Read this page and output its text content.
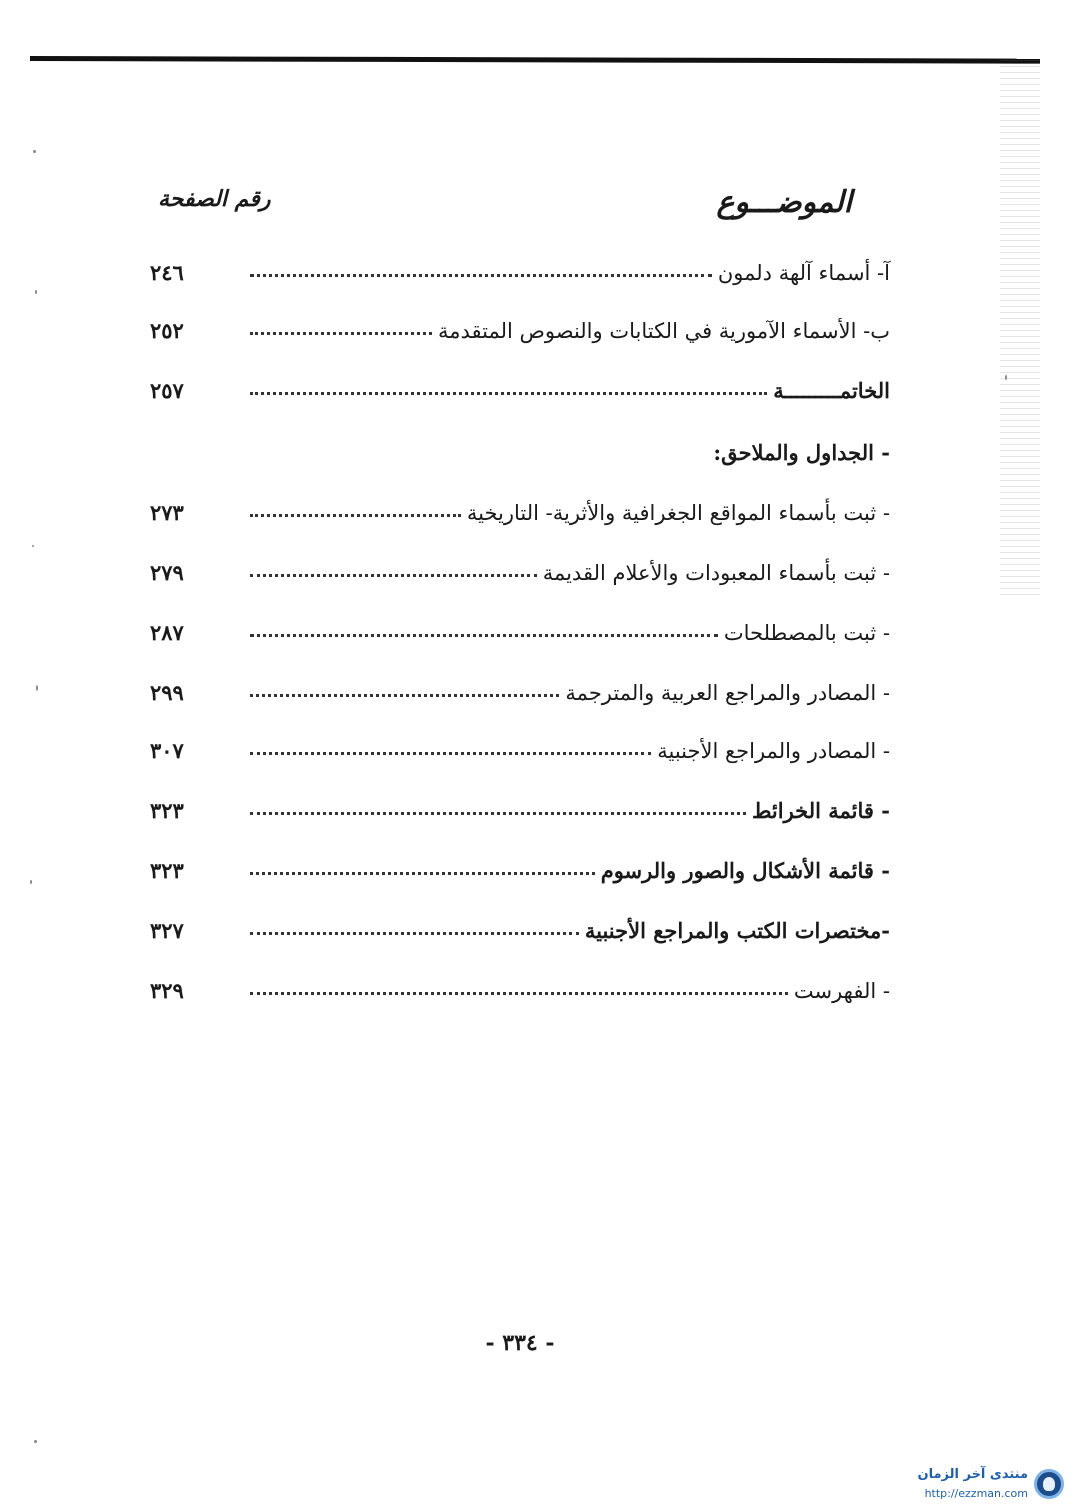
الموضـــوع
رقم الصفحة
آ- أسماء آلهة دلمون
٢٤٦
ب- الأسماء الآمورية في الكتابات والنصوص المتقدمة
٢٥٢
الخاتمـــــــــة
٢٥٧
- الجداول والملاحق:
- ثبت بأسماء المواقع الجغرافية والأثرية- التاريخية
٢٧٣
- ثبت بأسماء المعبودات والأعلام القديمة
٢٧٩
- ثبت بالمصطلحات
٢٨٧
- المصادر والمراجع العربية والمترجمة
٢٩٩
- المصادر والمراجع الأجنبية
٣٠٧
- قائمة الخرائط
٣٢٣
- قائمة الأشكال والصور والرسوم
٣٢٣
-مختصرات الكتب والمراجع الأجنبية
٣٢٧
- الفهرست
٣٢٩
- ٣٣٤ -
منتدى آخر الزمان
http://ezzman.com
